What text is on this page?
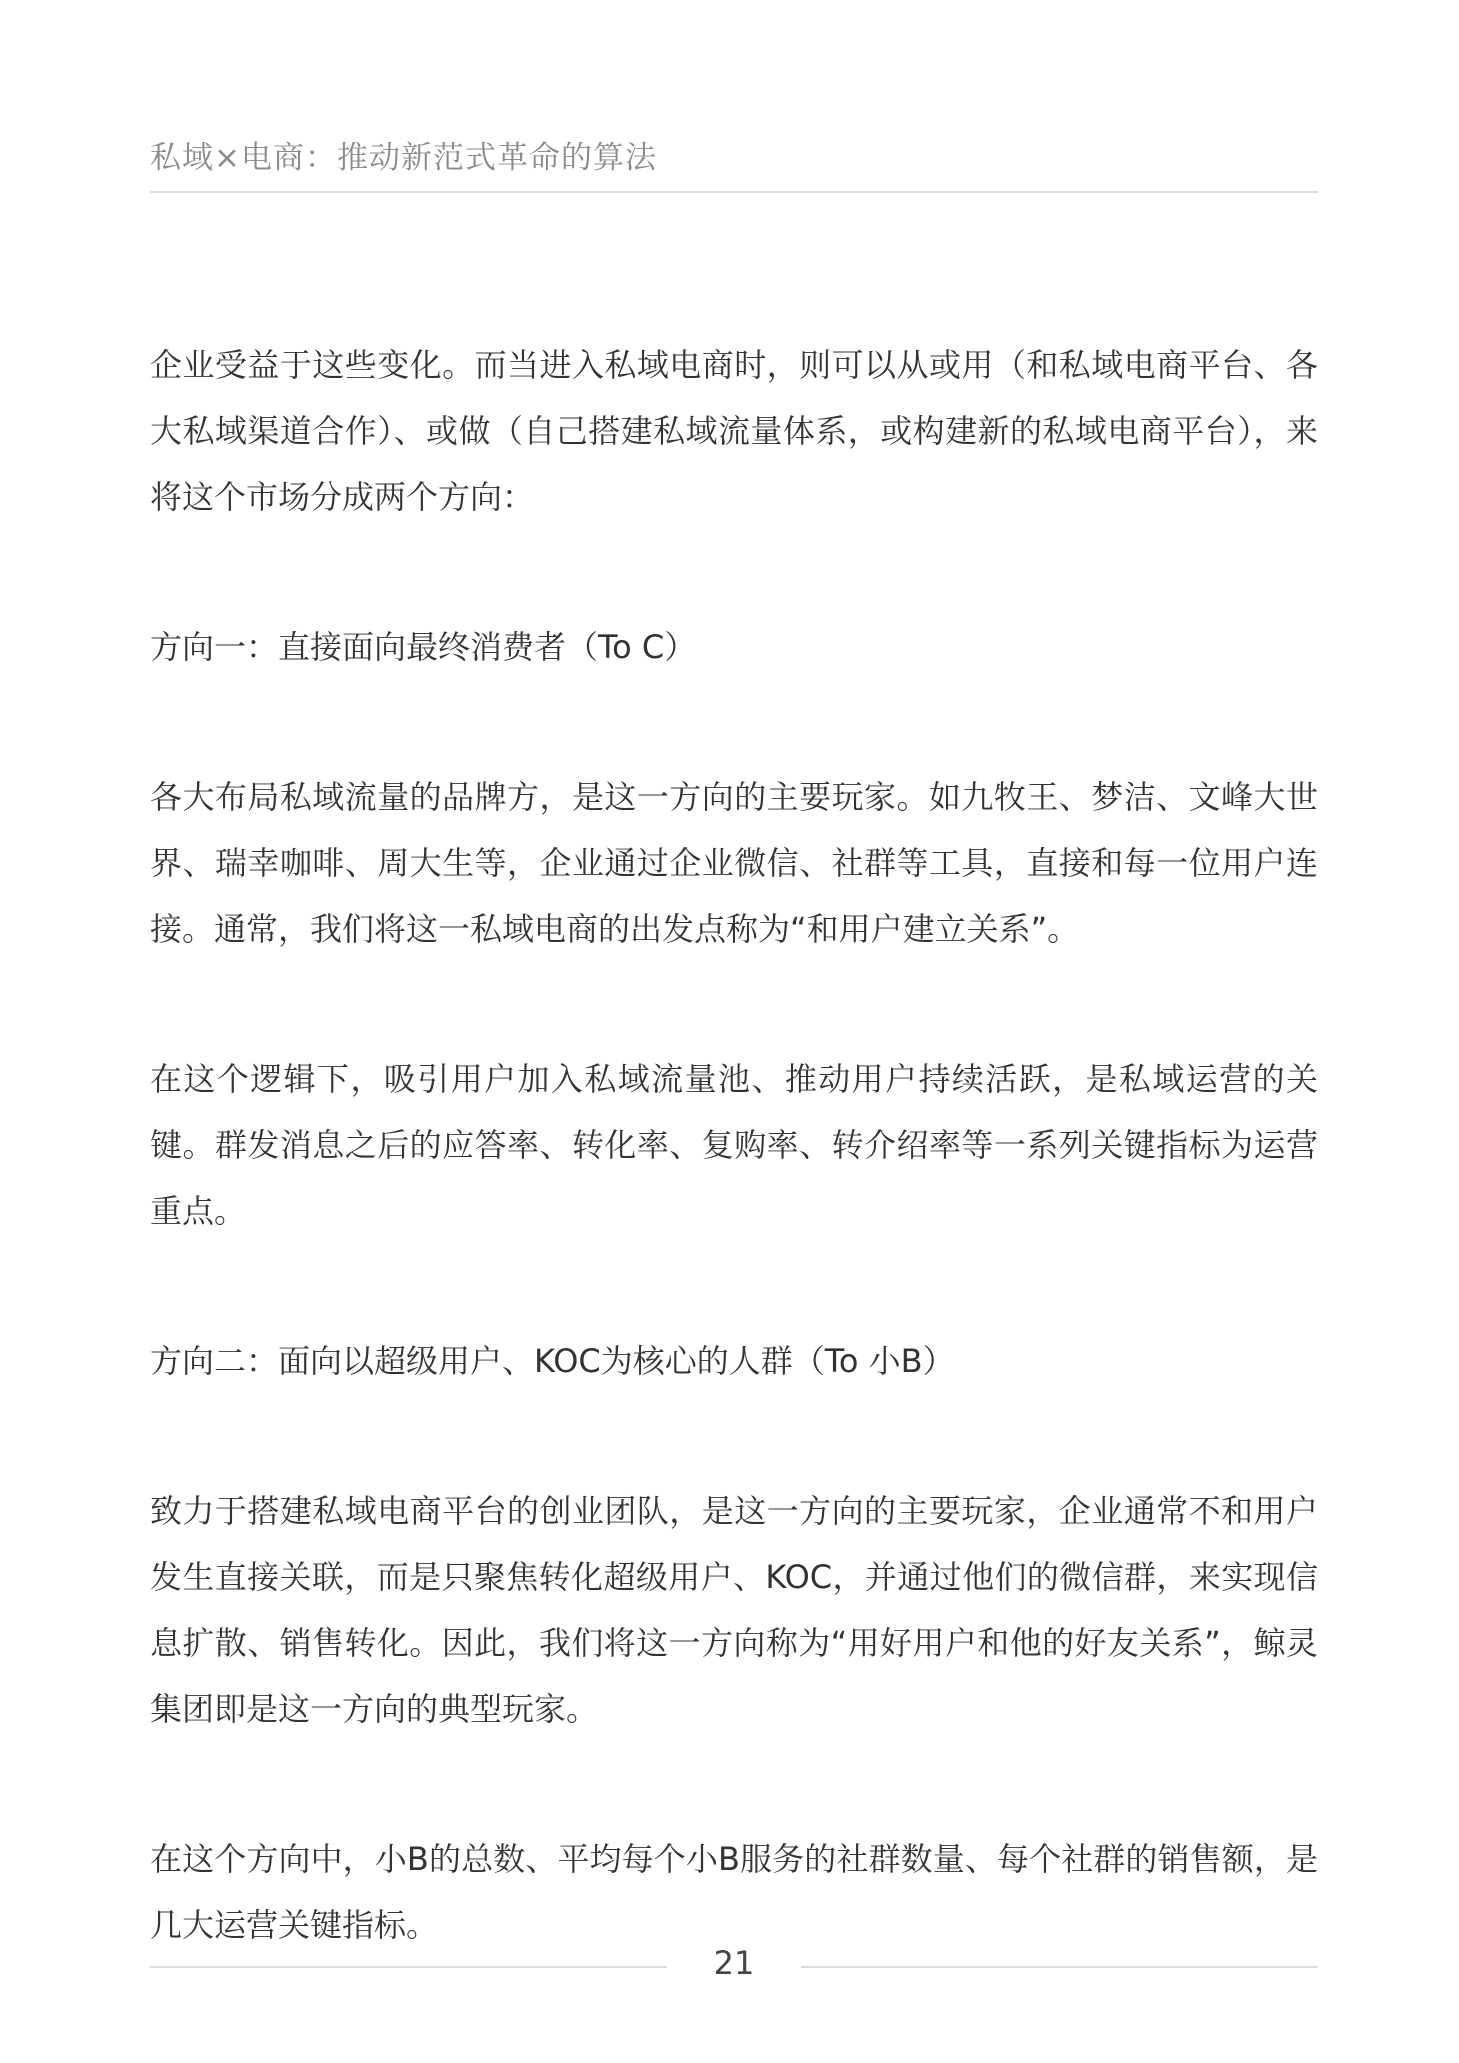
私域×电商：推动新范式革命的算法

企业受益于这些变化。而当进入私域电商时，则可以从或用（和私域电商平台、各大私域渠道合作）、或做（自己搭建私域流量体系，或构建新的私域电商平台），来将这个市场分成两个方向：

方向一：直接面向最终消费者（To C）

各大布局私域流量的品牌方，是这一方向的主要玩家。如九牧王、梦洁、文峰大世界、瑞幸咖啡、周大生等，企业通过企业微信、社群等工具，直接和每一位用户连接。通常，我们将这一私域电商的出发点称为“和用户建立关系”。

在这个逻辑下，吸引用户加入私域流量池、推动用户持续活跃，是私域运营的关键。群发消息之后的应答率、转化率、复购率、转介绍率等一系列关键指标为运营重点。

方向二：面向以超级用户、KOC为核心的人群（To 小B）

致力于搭建私域电商平台的创业团队，是这一方向的主要玩家，企业通常不和用户发生直接关联，而是只聚焦转化超级用户、KOC，并通过他们的微信群，来实现信息扩散、销售转化。因此，我们将这一方向称为“用好用户和他的好友关系”，鲸灵集团即是这一方向的典型玩家。

在这个方向中，小B的总数、平均每个小B服务的社群数量、每个社群的销售额，是几大运营关键指标。

21
